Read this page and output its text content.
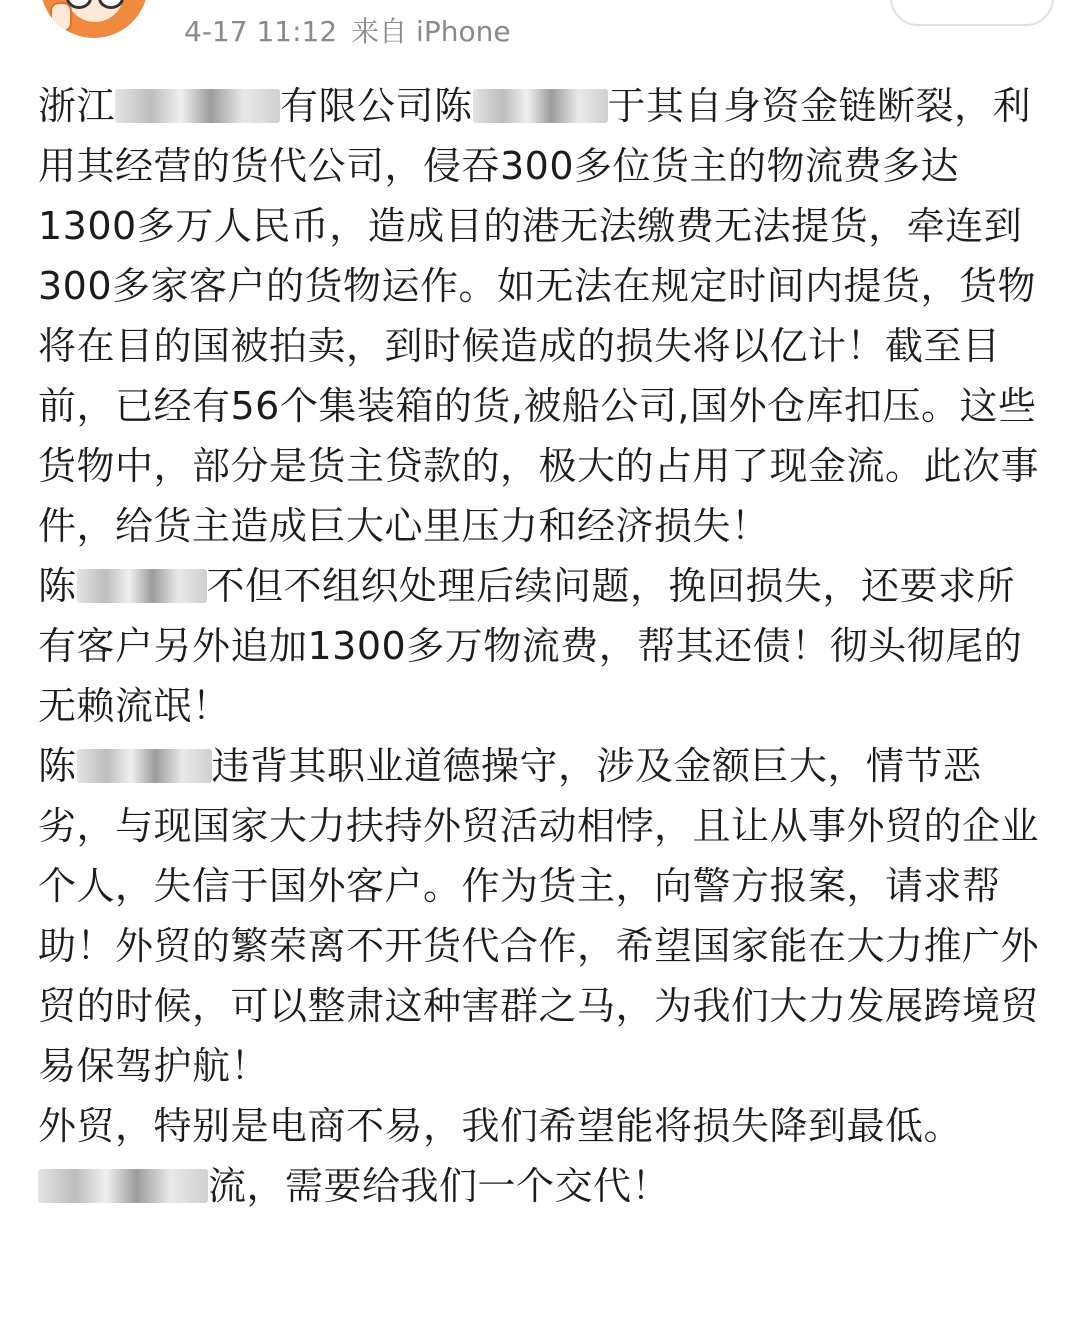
4-17 11:12 来自 iPhone

浙江	有限公司陈	于其自身资金链断裂，利用其经营的货代公司，侵吞300多位货主的物流费多达1300多万人民币，造成目的港无法缴费无法提货，牵连到300多家客户的货物运作。如无法在规定时间内提货，货物将在目的国被拍卖，到时候造成的损失将以亿计！截至目前，已经有56个集装箱的货,被船公司,国外仓库扣压。这些货物中，部分是货主贷款的，极大的占用了现金流。此次事件，给货主造成巨大心里压力和经济损失！

陈	不但不组织处理后续问题，挽回损失，还要求所有客户另外追加1300多万物流费，帮其还债！彻头彻尾的无赖流氓！

陈	违背其职业道德操守，涉及金额巨大，情节恶劣，与现国家大力扶持外贸活动相悖，且让从事外贸的企业个人，失信于国外客户。作为货主，向警方报案，请求帮助！外贸的繁荣离不开货代合作，希望国家能在大力推广外贸的时候，可以整肃这种害群之马，为我们大力发展跨境贸易保驾护航！

外贸，特别是电商不易，我们希望能将损失降到最低。流，需要给我们一个交代！
